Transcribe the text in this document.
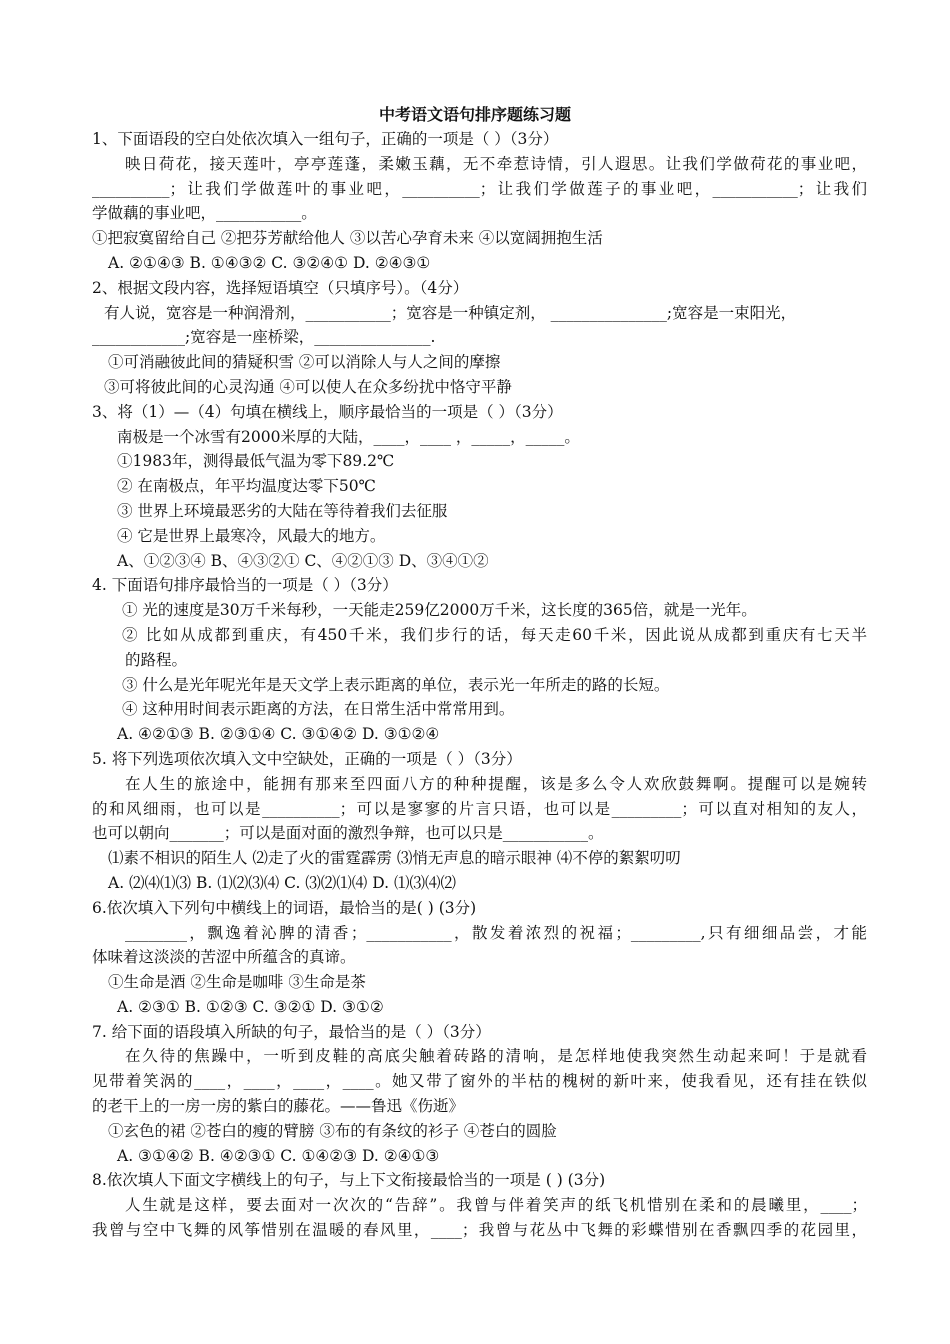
中考语文语句排序题练习题
1、下面语段的空白处依次填入一组句子，正确的一项是（ ）（3分）
映日荷花，接天莲叶，亭亭莲蓬，柔嫩玉藕，无不牵惹诗情，引人遐思。让我们学做荷花的事业吧，
__________；让我们学做莲叶的事业吧，__________；让我们学做莲子的事业吧，___________；让我们
学做藕的事业吧，___________。
①把寂寞留给自己 ②把芬芳献给他人 ③以苦心孕育未来 ④以宽阔拥抱生活
A. ②①④③ B. ①④③② C. ③②④① D. ②④③①
2、根据文段内容，选择短语填空（只填序号）。（4分）
有人说，宽容是一种润滑剂，___________；宽容是一种镇定剂， _______________;宽容是一束阳光，
____________;宽容是一座桥梁，_______________.
①可消融彼此间的猜疑积雪 ②可以消除人与人之间的摩擦
③可将彼此间的心灵沟通 ④可以使人在众多纷扰中恪守平静
3、将（1）—（4）句填在横线上，顺序最恰当的一项是（ ）（3分）
南极是一个冰雪有2000米厚的大陆，____，____ ，_____，_____。
①1983年，测得最低气温为零下89.2℃
② 在南极点，年平均温度达零下50℃
③ 世界上环境最恶劣的大陆在等待着我们去征服
④ 它是世界上最寒冷，风最大的地方。
A、①②③④ B、④③②① C、④②①③ D、③④①②
4. 下面语句排序最恰当的一项是（ ）（3分）
① 光的速度是30万千米每秒，一天能走259亿2000万千米，这长度的365倍，就是一光年。
② 比如从成都到重庆，有450千米，我们步行的话，每天走60千米，因此说从成都到重庆有七天半
的路程。
③ 什么是光年呢光年是天文学上表示距离的单位，表示光一年所走的路的长短。
④ 这种用时间表示距离的方法，在日常生活中常常用到。
A. ④②①③ B. ②③①④ C. ③①④② D. ③①②④
5. 将下列选项依次填入文中空缺处，正确的一项是（ ）（3分）
在人生的旅途中，能拥有那来至四面八方的种种提醒，该是多么令人欢欣鼓舞啊。提醒可以是婉转
的和风细雨，也可以是__________；可以是寥寥的片言只语，也可以是_________；可以直对相知的友人，
也可以朝向_______；可以是面对面的激烈争辩，也可以只是___________。
⑴素不相识的陌生人 ⑵走了火的雷霆霹雳 ⑶悄无声息的暗示眼神 ⑷不停的絮絮叨叨
A. ⑵⑷⑴⑶ B. ⑴⑵⑶⑷ C. ⑶⑵⑴⑷ D. ⑴⑶⑷⑵
6.依次填入下列句中横线上的词语，最恰当的是( ) (3分)
________，飘逸着沁脾的清香；___________，散发着浓烈的祝福；_________,只有细细品尝，才能
体味着这淡淡的苦涩中所蕴含的真谛。
①生命是酒 ②生命是咖啡 ③生命是茶
A. ②③① B. ①②③ C. ③②① D. ③①②
7. 给下面的语段填入所缺的句子，最恰当的是（ ）（3分）
在久待的焦躁中，一听到皮鞋的高底尖触着砖路的清响，是怎样地使我突然生动起来呵！于是就看
见带着笑涡的____，____，____，____。她又带了窗外的半枯的槐树的新叶来，使我看见，还有挂在铁似
的老干上的一房一房的紫白的藤花。——鲁迅《伤逝》
①玄色的裙 ②苍白的瘦的臂膀 ③布的有条纹的衫子 ④苍白的圆脸
A. ③①④② B. ④②③① C. ①④②③ D. ②④①③
8.依次填人下面文字横线上的句子，与上下文衔接最恰当的一项是 ( ) (3分)
人生就是这样，要去面对一次次的“告辞”。我曾与伴着笑声的纸飞机惜别在柔和的晨曦里，____；
我曾与空中飞舞的风筝惜别在温暖的春风里，____；我曾与花丛中飞舞的彩蝶惜别在香飘四季的花园里，
